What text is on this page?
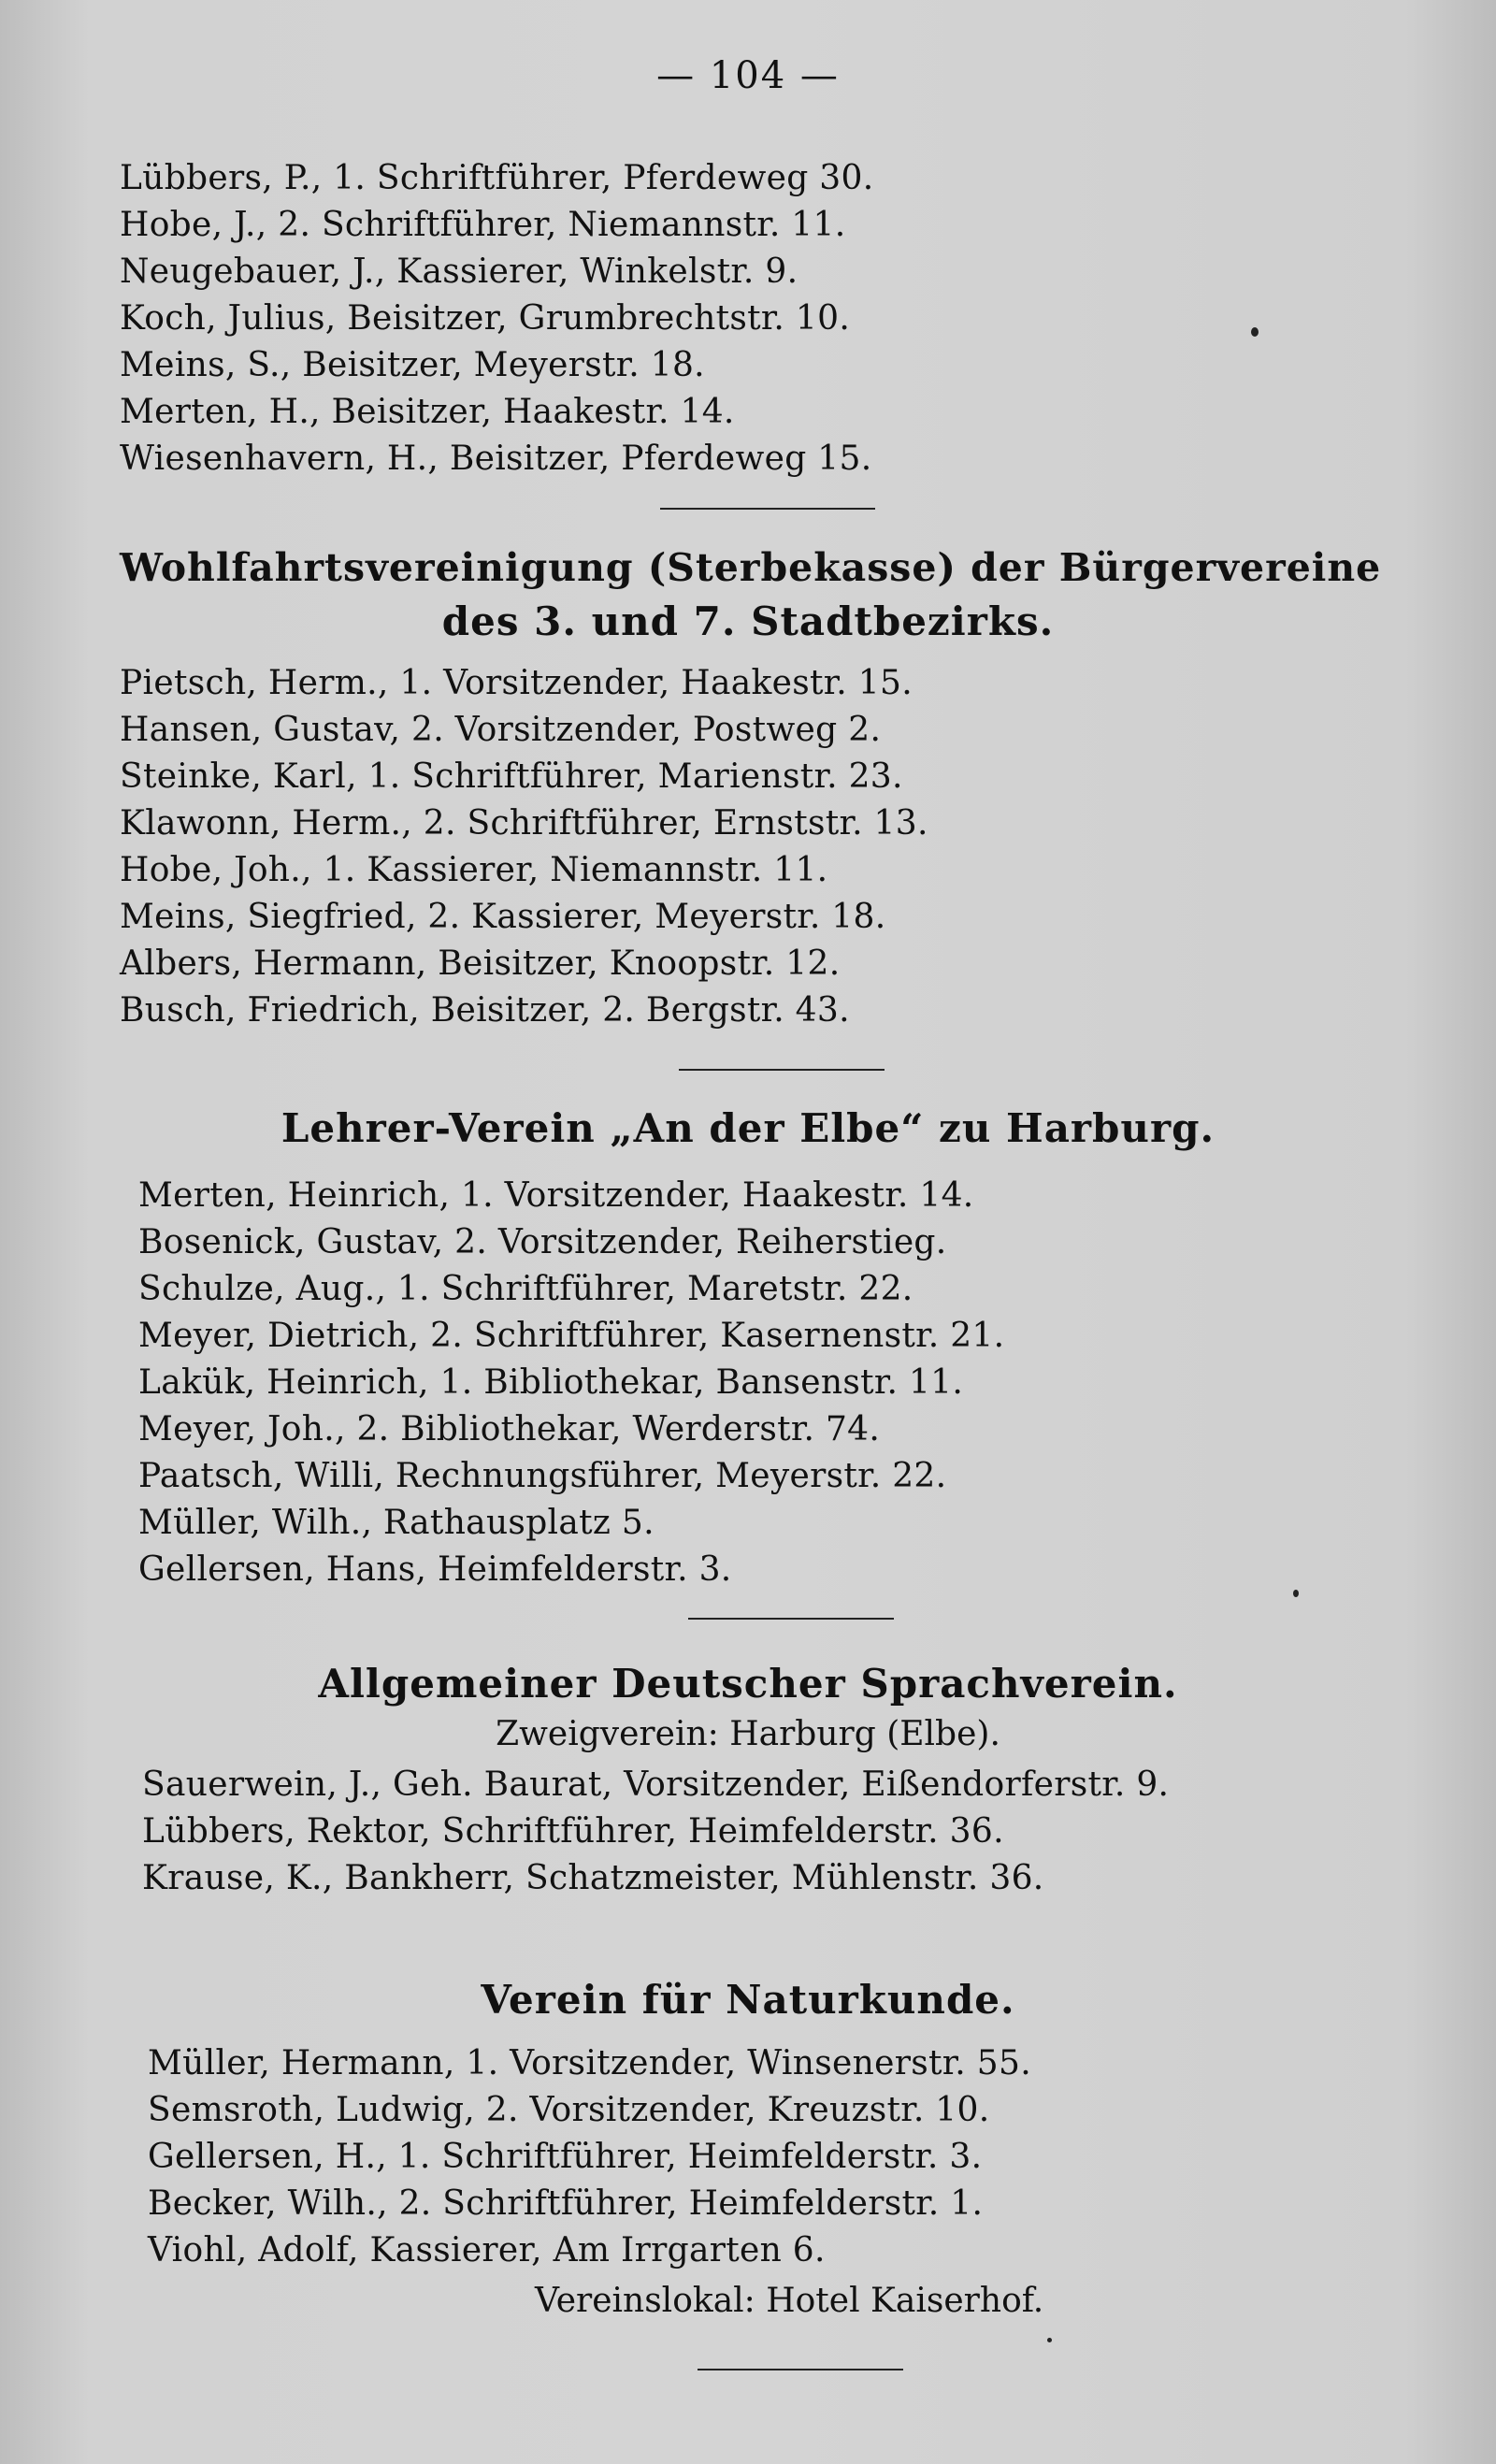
— 104 —
Lübbers, P., 1. Schriftführer, Pferdeweg 30.
Hobe, J., 2. Schriftführer, Niemannstr. 11.
Neugebauer, J., Kassierer, Winkelstr. 9.
Koch, Julius, Beisitzer, Grumbrechtstr. 10.
Meins, S., Beisitzer, Meyerstr. 18.
Merten, H., Beisitzer, Haakestr. 14.
Wiesenhavern, H., Beisitzer, Pferdeweg 15.
Wohlfahrtsvereinigung (Sterbekasse) der Bürgervereine
des 3. und 7. Stadtbezirks.
Pietsch, Herm., 1. Vorsitzender, Haakestr. 15.
Hansen, Gustav, 2. Vorsitzender, Postweg 2.
Steinke, Karl, 1. Schriftführer, Marienstr. 23.
Klawonn, Herm., 2. Schriftführer, Ernststr. 13.
Hobe, Joh., 1. Kassierer, Niemannstr. 11.
Meins, Siegfried, 2. Kassierer, Meyerstr. 18.
Albers, Hermann, Beisitzer, Knoopstr. 12.
Busch, Friedrich, Beisitzer, 2. Bergstr. 43.
Lehrer-Verein „An der Elbe“ zu Harburg.
Merten, Heinrich, 1. Vorsitzender, Haakestr. 14.
Bosenick, Gustav, 2. Vorsitzender, Reiherstieg.
Schulze, Aug., 1. Schriftführer, Maretstr. 22.
Meyer, Dietrich, 2. Schriftführer, Kasernenstr. 21.
Lakük, Heinrich, 1. Bibliothekar, Bansenstr. 11.
Meyer, Joh., 2. Bibliothekar, Werderstr. 74.
Paatsch, Willi, Rechnungsführer, Meyerstr. 22.
Müller, Wilh., Rathausplatz 5.
Gellersen, Hans, Heimfelderstr. 3.
Allgemeiner Deutscher Sprachverein.
Zweigverein: Harburg (Elbe).
Sauerwein, J., Geh. Baurat, Vorsitzender, Eißendorferstr. 9.
Lübbers, Rektor, Schriftführer, Heimfelderstr. 36.
Krause, K., Bankherr, Schatzmeister, Mühlenstr. 36.
Verein für Naturkunde.
Müller, Hermann, 1. Vorsitzender, Winsenerstr. 55.
Semsroth, Ludwig, 2. Vorsitzender, Kreuzstr. 10.
Gellersen, H., 1. Schriftführer, Heimfelderstr. 3.
Becker, Wilh., 2. Schriftführer, Heimfelderstr. 1.
Viohl, Adolf, Kassierer, Am Irrgarten 6.
Vereinslokal: Hotel Kaiserhof.
